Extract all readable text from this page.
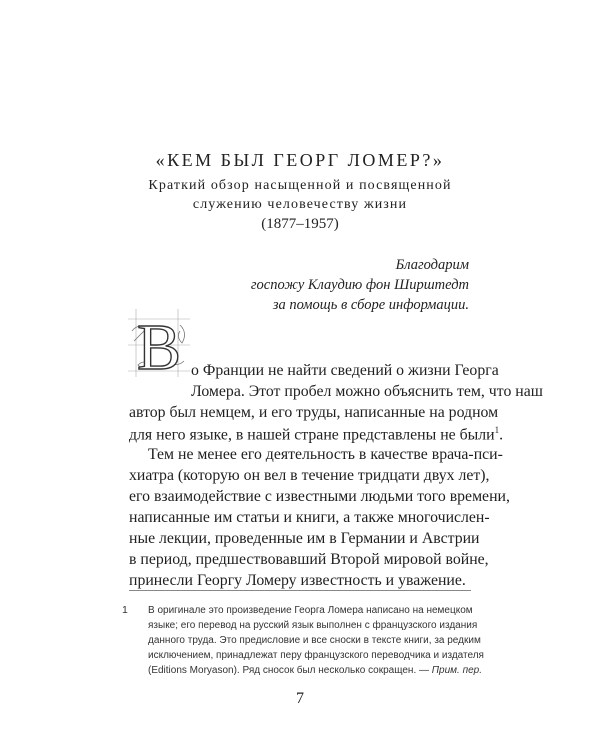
«КЕМ БЫЛ ГЕОРГ ЛОМЕР?»
Краткий обзор насыщенной и посвященной
служению человечеству жизни
(1877–1957)
Благодарим
госпожу Клаудию фон Ширштедт
за помощь в сборе информации.
В о Франции не найти сведений о жизни Георга
Ломера. Этот пробел можно объяснить тем, что наш
автор был немцем, и его труды, написанные на родном
для него языке, в нашей стране представлены не были$^1$.
Тем не менее его деятельность в качестве врача-пси-
хиатра (которую он вел в течение тридцати двух лет),
его взаимодействие с известными людьми того времени,
написанные им статьи и книги, а также многочислен-
ные лекции, проведенные им в Германии и Австрии
в период, предшествовавший Второй мировой войне,
принесли Георгу Ломеру известность и уважение.
1 В оригинале это произведение Георга Ломера написано на немецком
языке; его перевод на русский язык выполнен с французского издания
данного труда. Это предисловие и все сноски в тексте книги, за редким
исключением, принадлежат перу французского переводчика и издателя
(Editions Moryason). Ряд сносок был несколько сокращен. — Прим. пер.
7
